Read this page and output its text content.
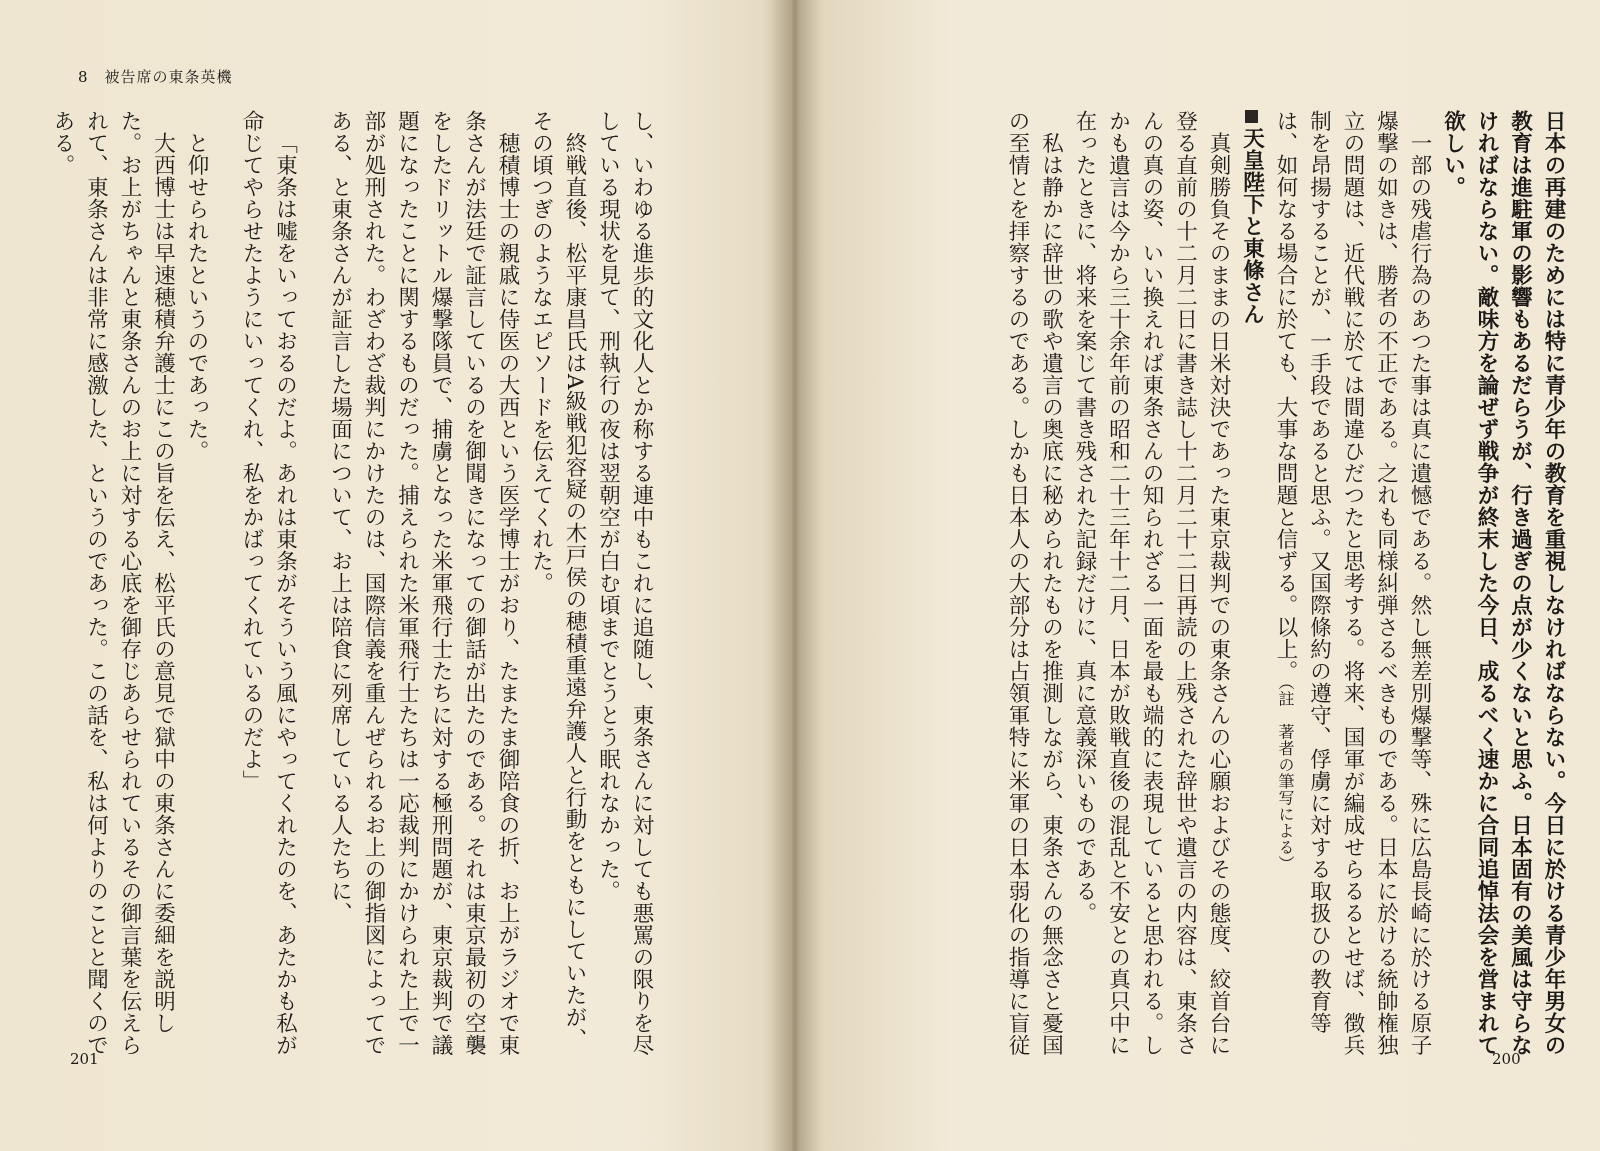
8　被告席の東条英機

し、いわゆる進歩的文化人とか称する連中もこれに追随し、東条さんに対しても悪罵の限りを尽している現状を見て、刑執行の夜は翌朝空が白む頃までとうとう眠れなかった。

終戦直後、松平康昌氏はA級戦犯容疑の木戸侯の穂積重遠弁護人と行動をともにしていたが、その頃つぎのようなエピソードを伝えてくれた。

穂積博士の親戚に侍医の大西という医学博士がおり、たまたま御陪食の折、お上がラジオで東条さんが法廷で証言しているのを御聞きになっての御話が出たのである。それは東京最初の空襲をしたドリットル爆撃隊員で、捕虜となった米軍飛行士たちに対する極刑問題が、東京裁判で議題になったことに関するものだった。捕えられた米軍飛行士たちは一応裁判にかけられた上で一部が処刑された。わざわざ裁判にかけたのは、国際信義を重んぜられるお上の御指図によってである、と東条さんが証言した場面について、お上は陪食に列席している人たちに、

「東条は嘘をいっておるのだよ。あれは東条がそういう風にやってくれたのを、あたかも私が命じてやらせたようにいってくれ、私をかばってくれているのだよ」

と仰せられたというのであった。

大西博士は早速穂積弁護士にこの旨を伝え、松平氏の意見で獄中の東条さんに委細を説明した。お上がちゃんと東条さんのお上に対する心底を御存じあらせられているその御言葉を伝えられて、東条さんは非常に感激した、というのであった。この話を、私は何よりのことと聞くのである。

201

日本の再建のためには特に青少年の教育を重視しなければならない。今日に於ける青少年男女の教育は進駐軍の影響もあるだらうが、行き過ぎの点が少くないと思ふ。日本固有の美風は守らなければならない。敵味方を論ぜず戦争が終末した今日、成るべく速かに合同追悼法会を営まれて欲しい。

一部の残虐行為のあつた事は真に遺憾である。然し無差別爆撃等、殊に広島長崎に於ける原子爆撃の如きは、勝者の不正である。之れも同様糾弾さるべきものである。日本に於ける統帥権独立の問題は、近代戦に於ては間違ひだつたと思考する。将来、国軍が編成せらるるとせば、徴兵制を昂揚することが、一手段であると思ふ。又国際條約の遵守、俘虜に対する取扱ひの教育等は、如何なる場合に於ても、大事な問題と信ずる。以上。（註　著者の筆写による）

天皇陛下と東條さん

真剣勝負そのままの日米対決であった東京裁判での東条さんの心願およびその態度、絞首台に登る直前の十二月二日に書き誌し十二月二十二日再読の上残された辞世や遺言の内容は、東条さんの真の姿、いい換えれば東条さんの知られざる一面を最も端的に表現していると思われる。しかも遺言は今から三十余年前の昭和二十三年十二月、日本が敗戦直後の混乱と不安との真只中に在ったときに、将来を案じて書き残された記録だけに、真に意義深いものである。

私は静かに辞世の歌や遺言の奥底に秘められたものを推測しながら、東条さんの無念さと憂国の至情とを拝察するのである。しかも日本人の大部分は占領軍特に米軍の日本弱化の指導に盲従

200
